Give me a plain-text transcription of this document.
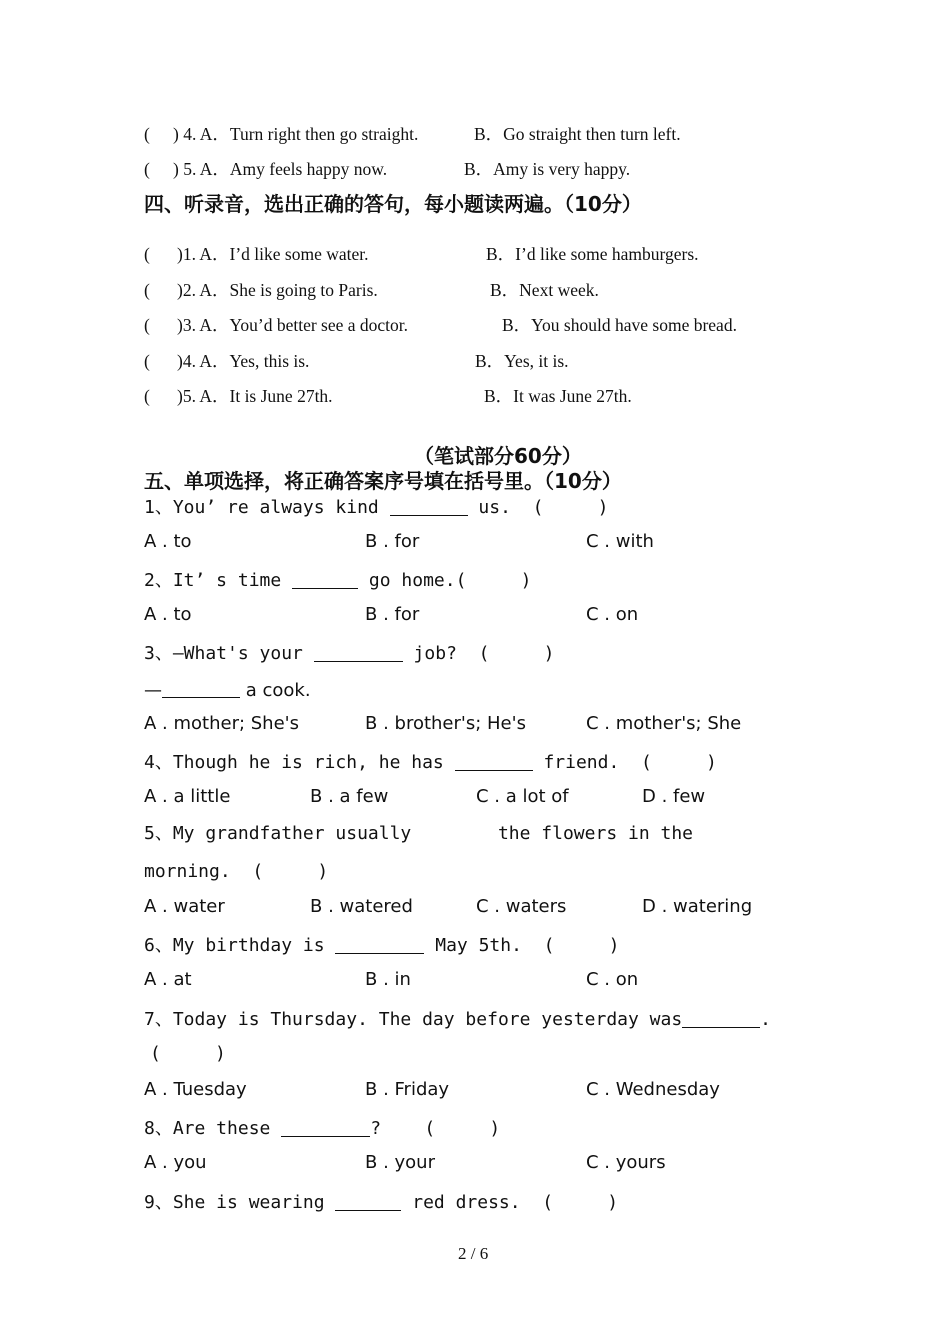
( ) 4. A．Turn right then go straight.	B．Go straight then turn left.
( ) 5. A．Amy feels happy now.	B．Amy is very happy.
四、听录音，选出正确的答句，每小题读两遍。（10分）
( )1. A．I’d like some water.	B．I’d like some hamburgers.
( )2. A．She is going to Paris.	B．Next week.
( )3. A．You’d better see a doctor.	B．You should have some bread.
( )4. A．Yes, this is.	B．Yes, it is.
( )5. A．It is June 27th.	B．It was June 27th.
（笔试部分60分）
五、单项选择，将正确答案序号填在括号里。（10分）
1、You’ re always kind	us.  (     )
A . to	B . for	C . with
2、It’ s time	go home.(     )
A . to	B . for	C . on
3、—What's your	job?  (     )
—	a cook.
A . mother; She's	B . brother's; He's	C . mother's; She
4、Though he is rich, he has	friend.  (     )
A . a little	B . a few	C . a lot of	D . few
5、My grandfather usually        the flowers in the
morning.  (     )
A . water	B . watered	C . waters	D . watering
6、My birthday is	May 5th.  (     )
A . at	B . in	C . on
7、Today is Thursday. The day before yesterday was	.
(     )
A . Tuesday	B . Friday	C . Wednesday
8、Are these	?    (     )
A . you	B . your	C . yours
9、She is wearing	red dress.  (     )
2 / 6
